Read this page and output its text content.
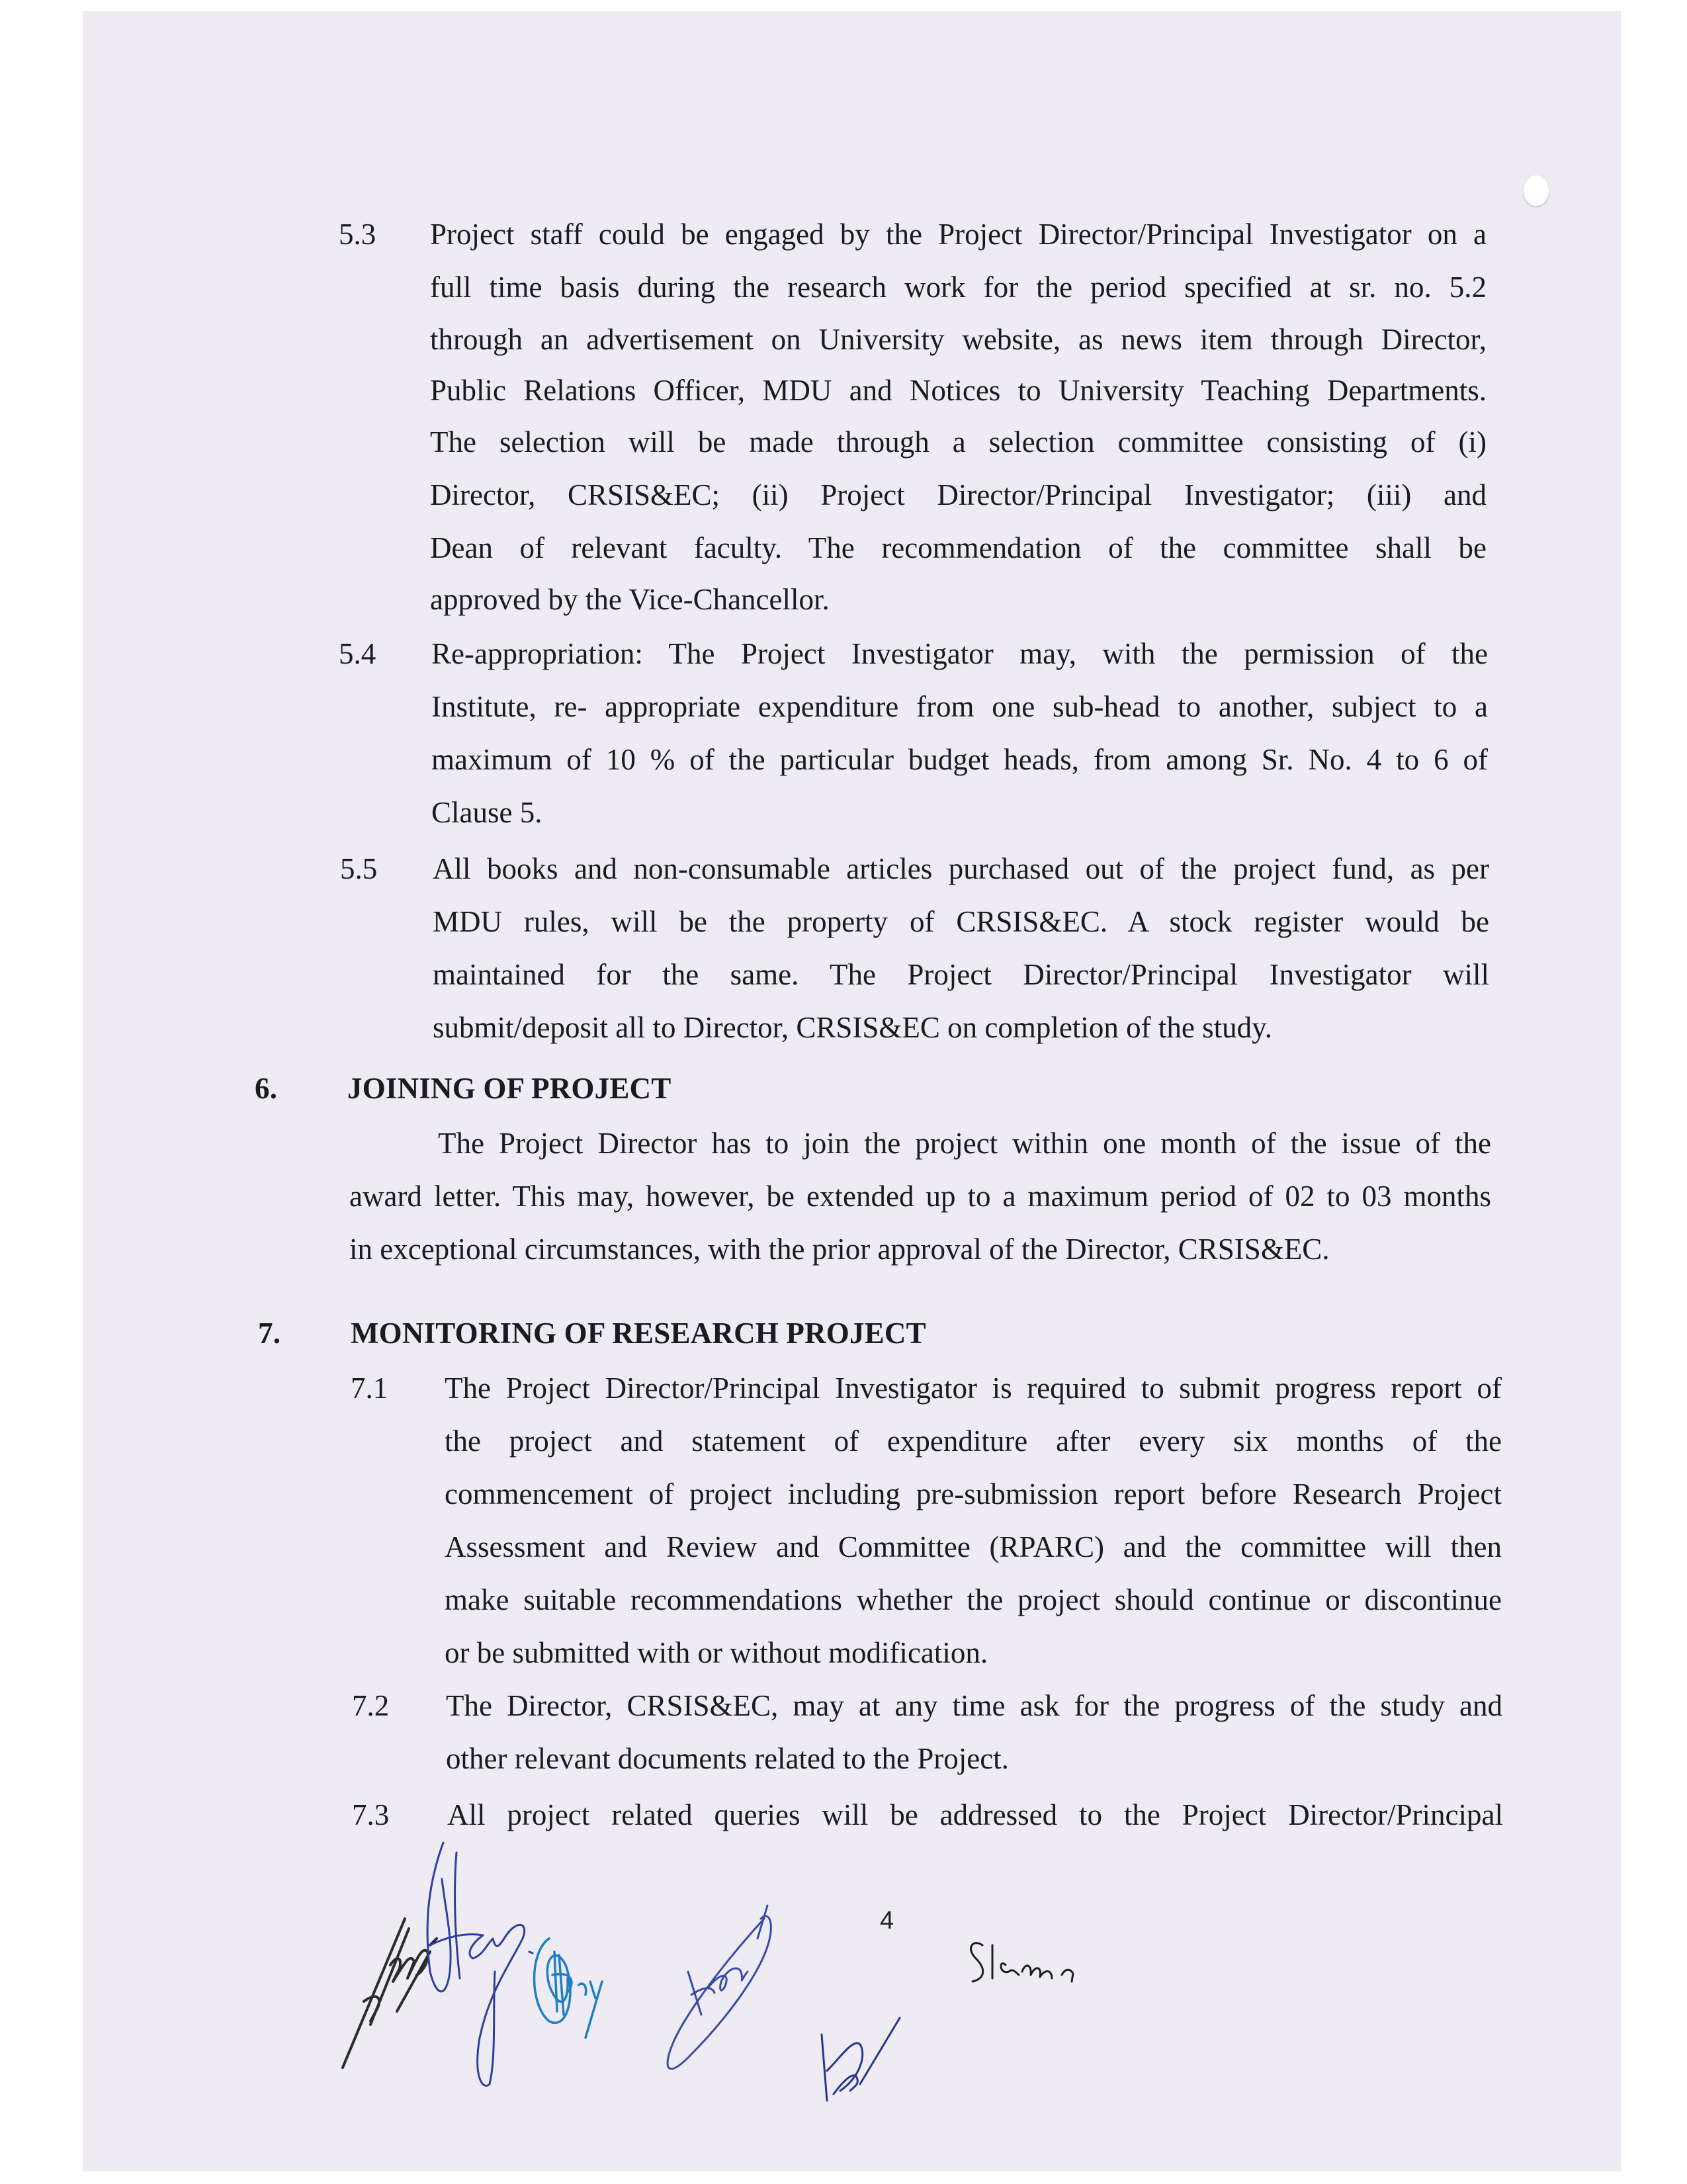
5.3 Project staff could be engaged by the Project Director/Principal Investigator on a
full time basis during the research work for the period specified at sr. no. 5.2
through an advertisement on University website, as news item through Director,
Public Relations Officer, MDU and Notices to University Teaching Departments.
The selection will be made through a selection committee consisting of (i)
Director, CRSIS&EC; (ii) Project Director/Principal Investigator; (iii) and
Dean of relevant faculty. The recommendation of the committee shall be
approved by the Vice-Chancellor.
5.4 Re-appropriation: The Project Investigator may, with the permission of the
Institute, re- appropriate expenditure from one sub-head to another, subject to a
maximum of 10 % of the particular budget heads, from among Sr. No. 4 to 6 of
Clause 5.
5.5 All books and non-consumable articles purchased out of the project fund, as per
MDU rules, will be the property of CRSIS&EC. A stock register would be
maintained for the same. The Project Director/Principal Investigator will
submit/deposit all to Director, CRSIS&EC on completion of the study.
6. JOINING OF PROJECT
The Project Director has to join the project within one month of the issue of the
award letter. This may, however, be extended up to a maximum period of 02 to 03 months
in exceptional circumstances, with the prior approval of the Director, CRSIS&EC.
7. MONITORING OF RESEARCH PROJECT
7.1 The Project Director/Principal Investigator is required to submit progress report of
the project and statement of expenditure after every six months of the
commencement of project including pre-submission report before Research Project
Assessment and Review and Committee (RPARC) and the committee will then
make suitable recommendations whether the project should continue or discontinue
or be submitted with or without modification.
7.2 The Director, CRSIS&EC, may at any time ask for the progress of the study and
other relevant documents related to the Project.
7.3 All project related queries will be addressed to the Project Director/Principal
4
